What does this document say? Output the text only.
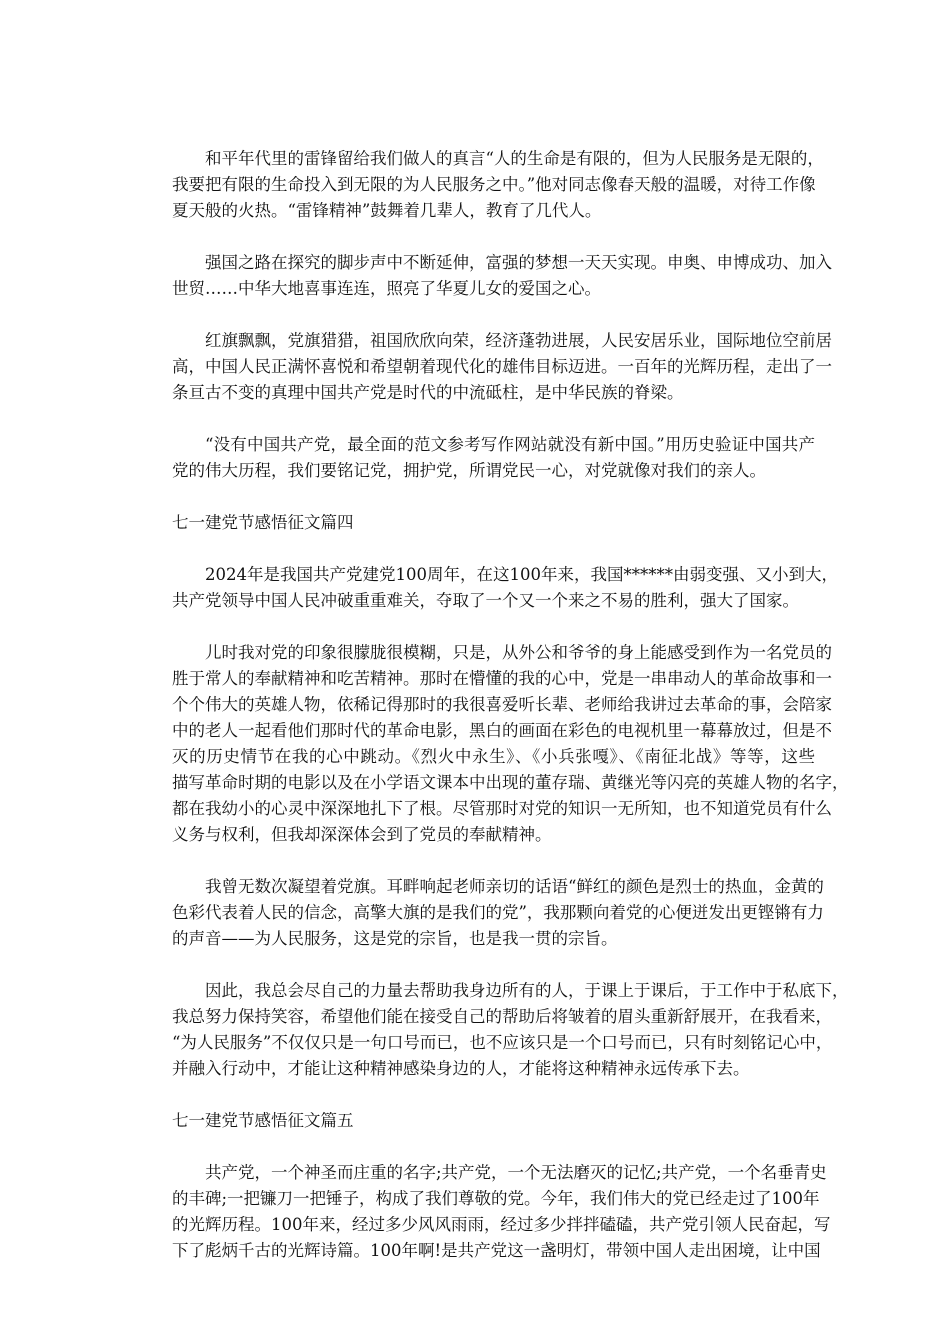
和平年代里的雷锋留给我们做人的真言“人的生命是有限的，但为人民服务是无限的，
我要把有限的生命投入到无限的为人民服务之中。”他对同志像春天般的温暖，对待工作像
夏天般的火热。“雷锋精神”鼓舞着几辈人，教育了几代人。
强国之路在探究的脚步声中不断延伸，富强的梦想一天天实现。申奥、申博成功、加入
世贸……中华大地喜事连连，照亮了华夏儿女的爱国之心。
红旗飘飘，党旗猎猎，祖国欣欣向荣，经济蓬勃进展，人民安居乐业，国际地位空前居
高，中国人民正满怀喜悦和希望朝着现代化的雄伟目标迈进。一百年的光辉历程，走出了一
条亘古不变的真理中国共产党是时代的中流砥柱，是中华民族的脊梁。
“没有中国共产党，最全面的范文参考写作网站就没有新中国。”用历史验证中国共产
党的伟大历程，我们要铭记党，拥护党，所谓党民一心，对党就像对我们的亲人。
七一建党节感悟征文篇四
2024年是我国共产党建党100周年，在这100年来，我国******由弱变强、又小到大，
共产党领导中国人民冲破重重难关，夺取了一个又一个来之不易的胜利，强大了国家。
儿时我对党的印象很朦胧很模糊，只是，从外公和爷爷的身上能感受到作为一名党员的
胜于常人的奉献精神和吃苦精神。那时在懵懂的我的心中，党是一串串动人的革命故事和一
个个伟大的英雄人物，依稀记得那时的我很喜爱听长辈、老师给我讲过去革命的事，会陪家
中的老人一起看他们那时代的革命电影，黑白的画面在彩色的电视机里一幕幕放过，但是不
灭的历史情节在我的心中跳动。《烈火中永生》、《小兵张嘎》、《南征北战》等等，这些
描写革命时期的电影以及在小学语文课本中出现的董存瑞、黄继光等闪亮的英雄人物的名字，
都在我幼小的心灵中深深地扎下了根。尽管那时对党的知识一无所知，也不知道党员有什么
义务与权利，但我却深深体会到了党员的奉献精神。
我曾无数次凝望着党旗。耳畔响起老师亲切的话语“鲜红的颜色是烈士的热血，金黄的
色彩代表着人民的信念，高擎大旗的是我们的党”，我那颗向着党的心便迸发出更铿锵有力
的声音——为人民服务，这是党的宗旨，也是我一贯的宗旨。
因此，我总会尽自己的力量去帮助我身边所有的人，于课上于课后，于工作中于私底下，
我总努力保持笑容，希望他们能在接受自己的帮助后将皱着的眉头重新舒展开，在我看来，
“为人民服务”不仅仅只是一句口号而已，也不应该只是一个口号而已，只有时刻铭记心中，
并融入行动中，才能让这种精神感染身边的人，才能将这种精神永远传承下去。
七一建党节感悟征文篇五
共产党，一个神圣而庄重的名字;共产党，一个无法磨灭的记忆;共产党，一个名垂青史
的丰碑;一把镰刀一把锤子，构成了我们尊敬的党。今年，我们伟大的党已经走过了100年
的光辉历程。100年来，经过多少风风雨雨，经过多少拌拌磕磕，共产党引领人民奋起，写
下了彪炳千古的光辉诗篇。100年啊!是共产党这一盏明灯，带领中国人走出困境，让中国
